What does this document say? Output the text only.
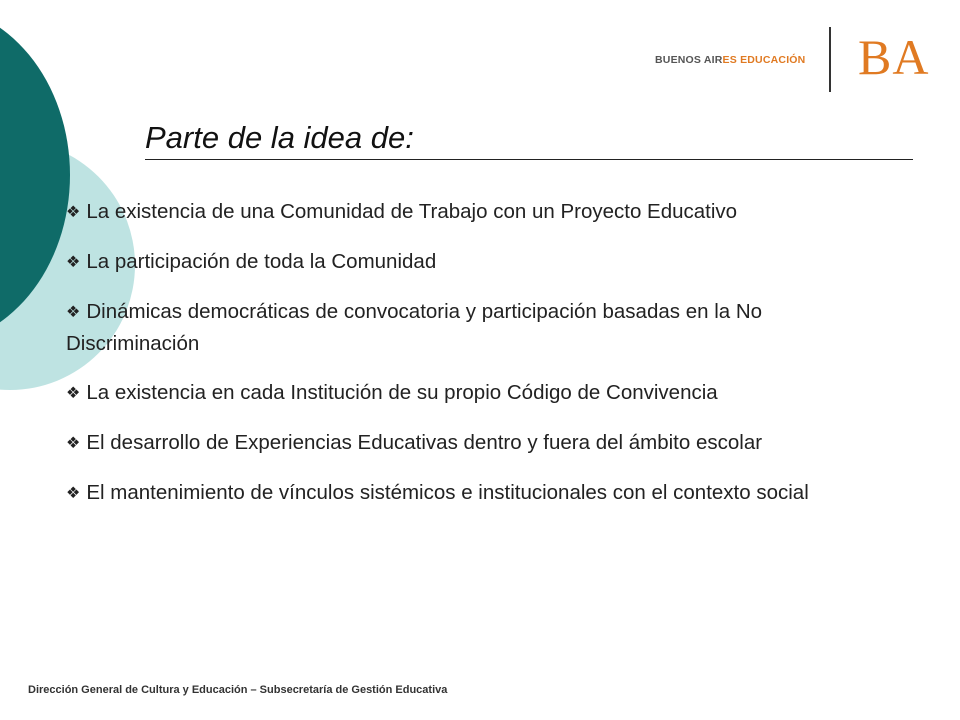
BUENOS AIRES EDUCACIÓN BA
Parte de la idea de:
❖ La existencia de una Comunidad de Trabajo con un Proyecto Educativo
❖ La participación de toda la Comunidad
❖ Dinámicas democráticas de convocatoria y participación basadas en la No Discriminación
❖ La existencia en cada Institución de su propio Código de Convivencia
❖ El desarrollo de Experiencias Educativas dentro y fuera del ámbito escolar
❖ El mantenimiento de vínculos sistémicos e institucionales con el contexto social
Dirección General de Cultura y Educación – Subsecretaría de Gestión Educativa
